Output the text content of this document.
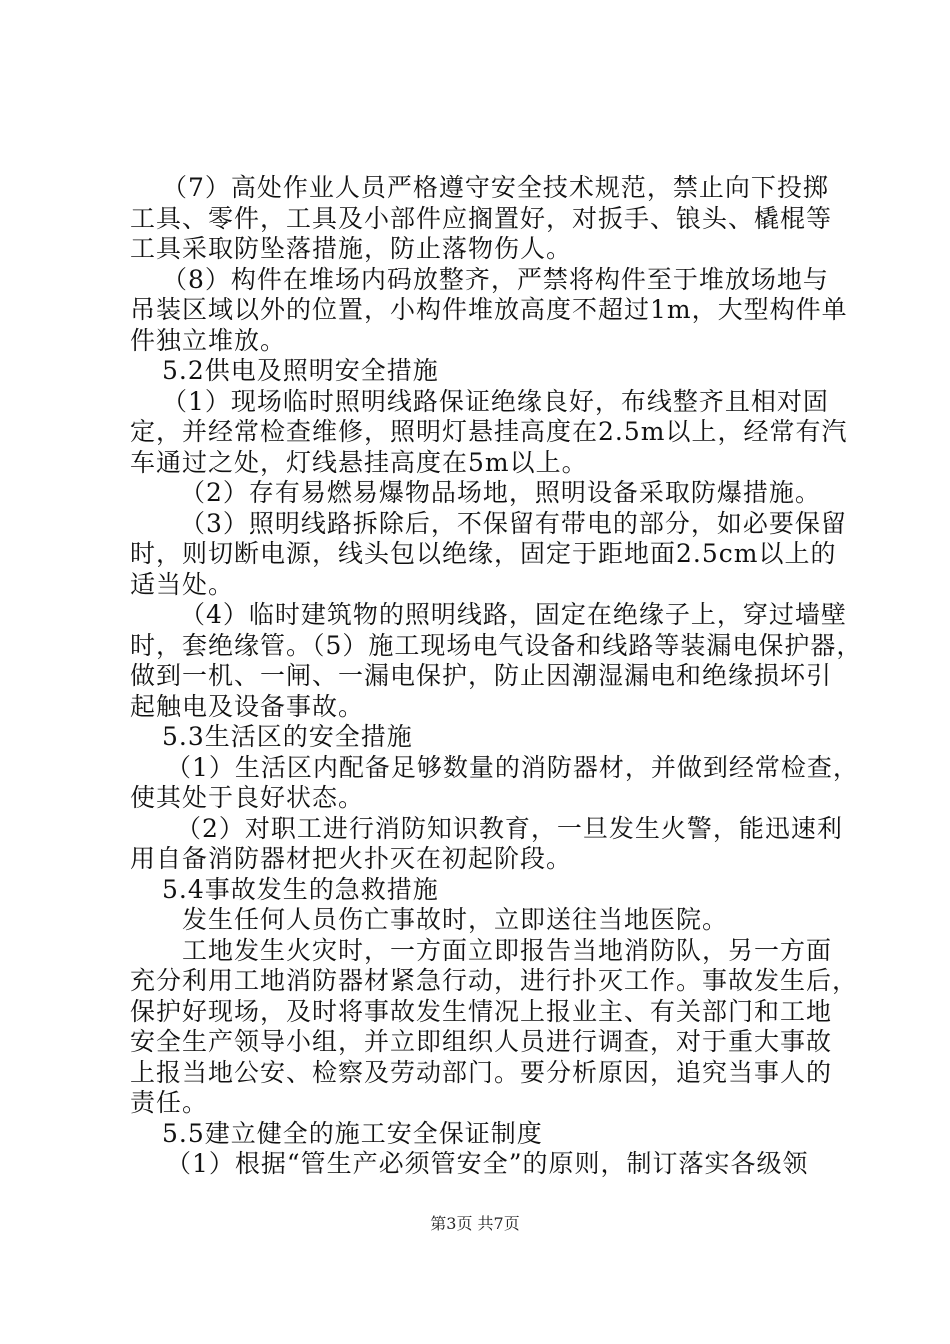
（7）高处作业人员严格遵守安全技术规范，禁止向下投掷
工具、零件，工具及小部件应搁置好，对扳手、锒头、橇棍等
工具采取防坠落措施，防止落物伤人。
（8）构件在堆场内码放整齐，严禁将构件至于堆放场地与
吊装区域以外的位置，小构件堆放高度不超过1m，大型构件单
件独立堆放。
5.2供电及照明安全措施
（1）现场临时照明线路保证绝缘良好，布线整齐且相对固
定，并经常检查维修，照明灯悬挂高度在2.5m以上，经常有汽
车通过之处，灯线悬挂高度在5m以上。
（2）存有易燃易爆物品场地，照明设备采取防爆措施。
（3）照明线路拆除后，不保留有带电的部分，如必要保留
时，则切断电源，线头包以绝缘，固定于距地面2.5cm以上的
适当处。
（4）临时建筑物的照明线路，固定在绝缘子上，穿过墙壁
时，套绝缘管。（5）施工现场电气设备和线路等装漏电保护器，
做到一机、一闸、一漏电保护，防止因潮湿漏电和绝缘损坏引
起触电及设备事故。
5.3生活区的安全措施
（1）生活区内配备足够数量的消防器材，并做到经常检查，
使其处于良好状态。
（2）对职工进行消防知识教育，一旦发生火警，能迅速利
用自备消防器材把火扑灭在初起阶段。
5.4事故发生的急救措施
发生任何人员伤亡事故时，立即送往当地医院。
工地发生火灾时，一方面立即报告当地消防队，另一方面
充分利用工地消防器材紧急行动，进行扑灭工作。事故发生后，
保护好现场，及时将事故发生情况上报业主、有关部门和工地
安全生产领导小组，并立即组织人员进行调查，对于重大事故
上报当地公安、检察及劳动部门。要分析原因，追究当事人的
责任。
5.5建立健全的施工安全保证制度
（1）根据“管生产必须管安全”的原则，制订落实各级领
第3页 共7页
